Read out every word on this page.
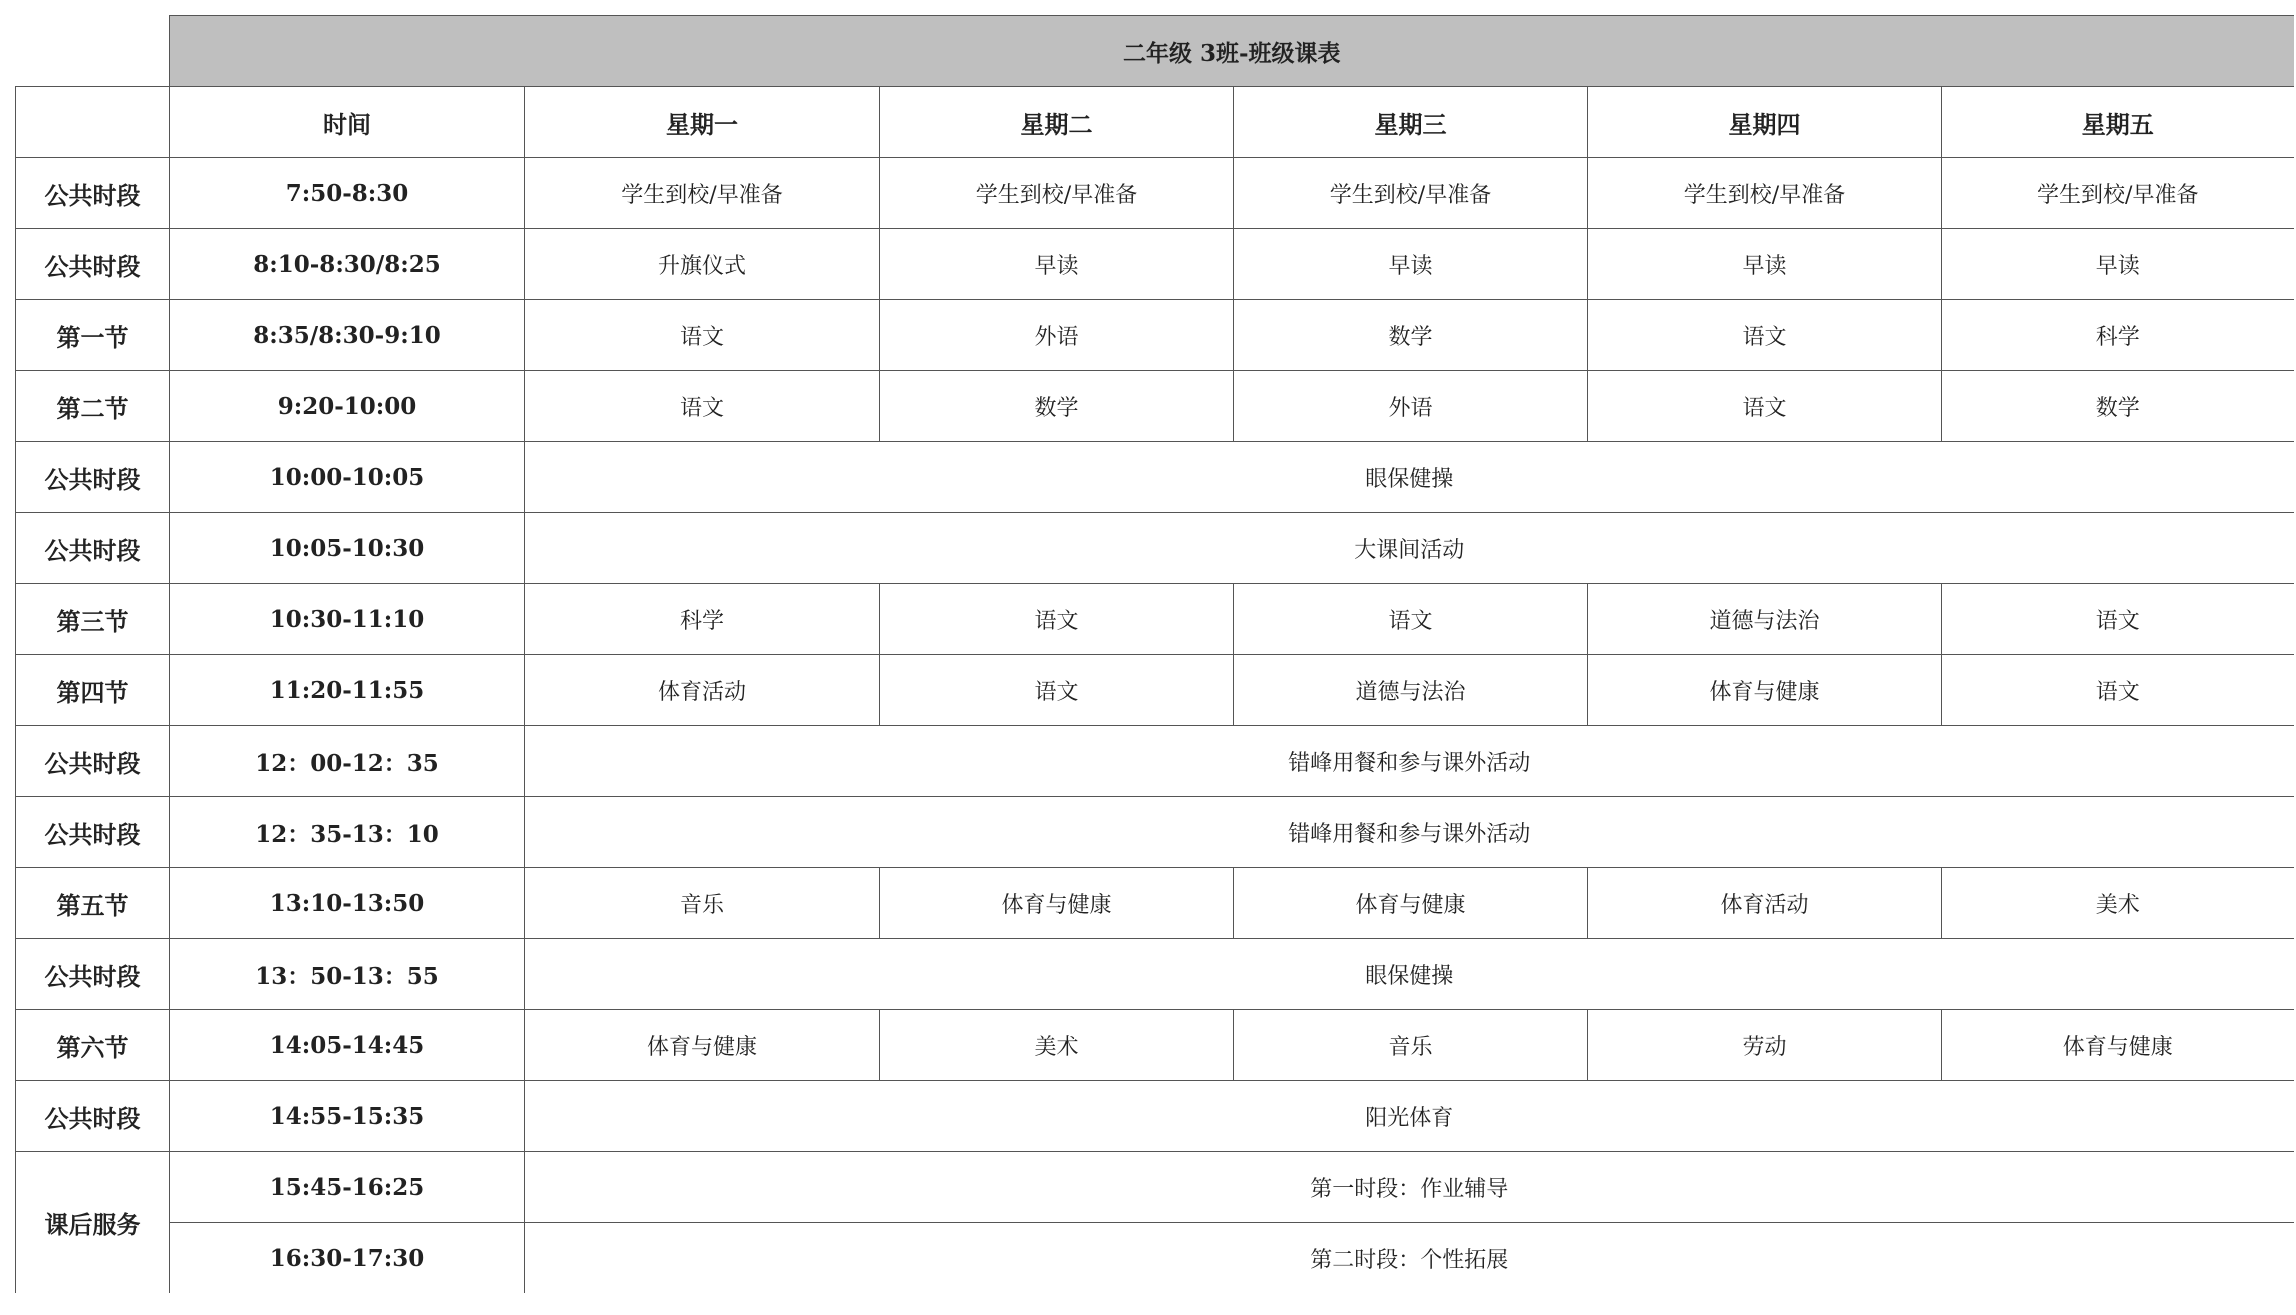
	二年级 3班-班级课表					
	时间	星期一	星期二	星期三	星期四	星期五
公共时段	7:50-8:30	学生到校/早准备	学生到校/早准备	学生到校/早准备	学生到校/早准备	学生到校/早准备
公共时段	8:10-8:30/8:25	升旗仪式	早读	早读	早读	早读
第一节	8:35/8:30-9:10	语文	外语	数学	语文	科学
第二节	9:20-10:00	语文	数学	外语	语文	数学
公共时段	10:00-10:05	眼保健操				
公共时段	10:05-10:30	大课间活动				
第三节	10:30-11:10	科学	语文	语文	道德与法治	语文
第四节	11:20-11:55	体育活动	语文	道德与法治	体育与健康	语文
公共时段	12：00-12：35	错峰用餐和参与课外活动				
公共时段	12：35-13：10	错峰用餐和参与课外活动				
第五节	13:10-13:50	音乐	体育与健康	体育与健康	体育活动	美术
公共时段	13：50-13：55	眼保健操				
第六节	14:05-14:45	体育与健康	美术	音乐	劳动	体育与健康
公共时段	14:55-15:35	阳光体育				
课后服务	15:45-16:25	第一时段：作业辅导				
	16:30-17:30	第二时段：个性拓展				
